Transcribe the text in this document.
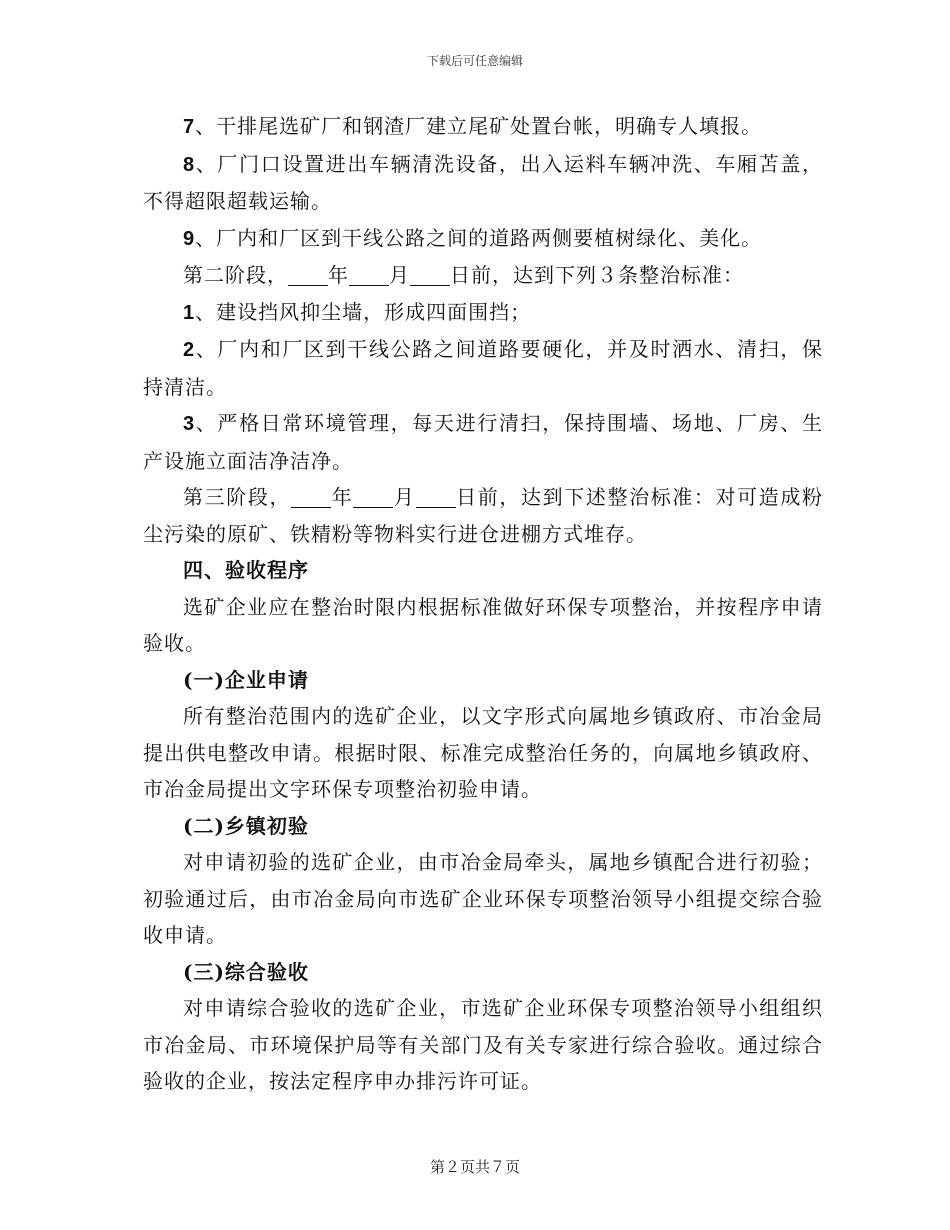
下载后可任意编辑

7、干排尾选矿厂和钢渣厂建立尾矿处置台帐，明确专人填报。

8、厂门口设置进出车辆清洗设备，出入运料车辆冲洗、车厢苫盖，不得超限超载运输。

9、厂内和厂区到干线公路之间的道路两侧要植树绿化、美化。

第二阶段， 年 月 日前，达到下列３条整治标准：

1、建设挡风抑尘墙，形成四面围挡；

2、厂内和厂区到干线公路之间道路要硬化，并及时洒水、清扫，保持清洁。

3、严格日常环境管理，每天进行清扫，保持围墙、场地、厂房、生产设施立面洁净洁净。

第三阶段， 年 月 日前，达到下述整治标准：对可造成粉尘污染的原矿、铁精粉等物料实行进仓进棚方式堆存。

四、验收程序

选矿企业应在整治时限内根据标准做好环保专项整治，并按程序申请验收。

(一)企业申请

所有整治范围内的选矿企业，以文字形式向属地乡镇政府、市冶金局提出供电整改申请。根据时限、标准完成整治任务的，向属地乡镇政府、市冶金局提出文字环保专项整治初验申请。

(二)乡镇初验

对申请初验的选矿企业，由市冶金局牵头，属地乡镇配合进行初验；初验通过后，由市冶金局向市选矿企业环保专项整治领导小组提交综合验收申请。

(三)综合验收

对申请综合验收的选矿企业，市选矿企业环保专项整治领导小组组织市冶金局、市环境保护局等有关部门及有关专家进行综合验收。通过综合验收的企业，按法定程序申办排污许可证。

第２页共７页
